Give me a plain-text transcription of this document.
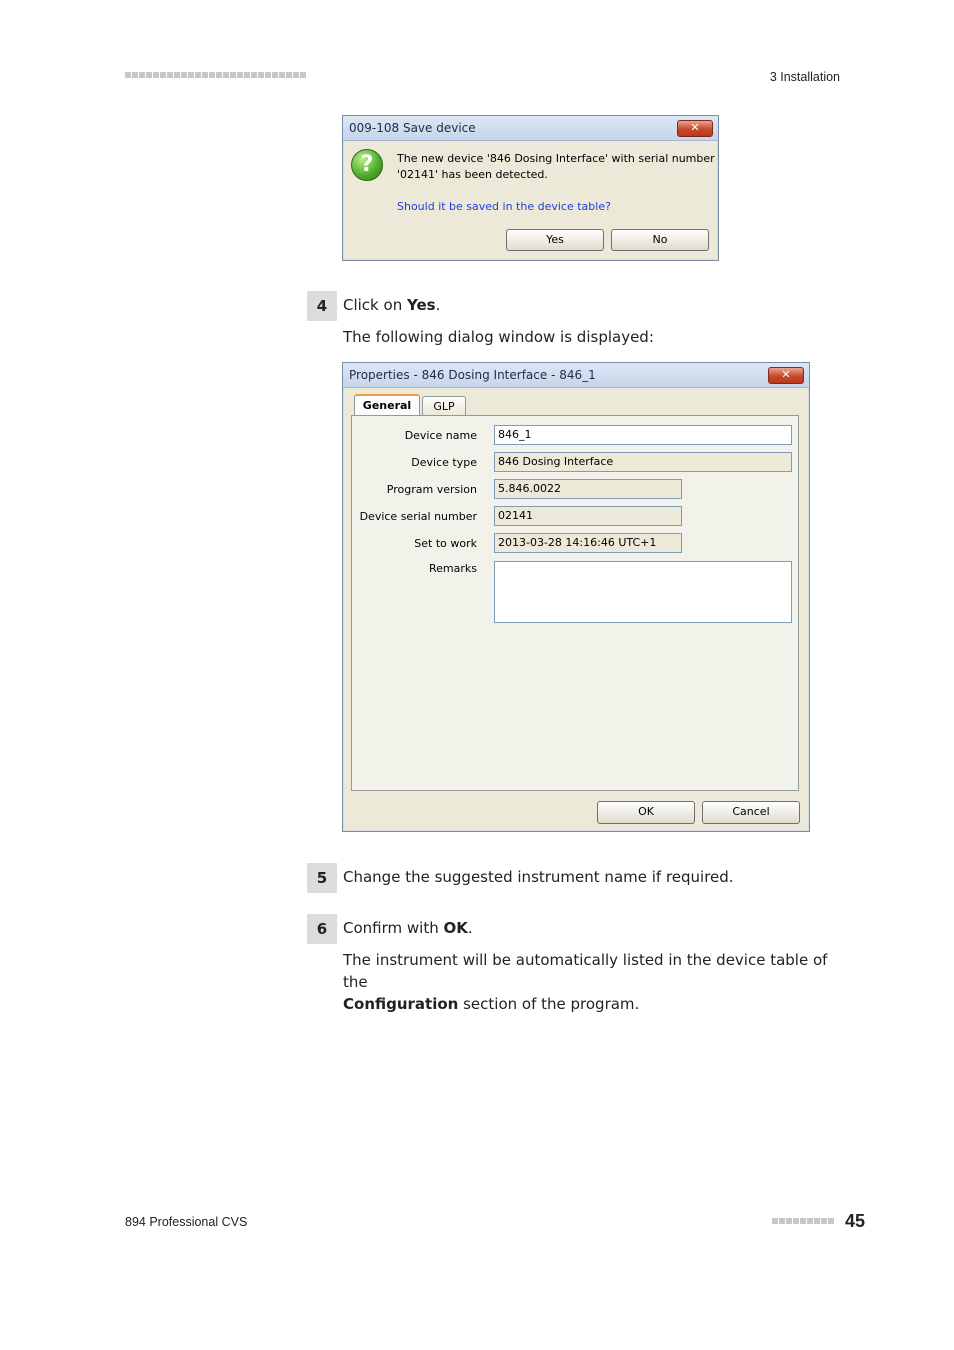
3 Installation
009-108 Save device	✕
?	The new device '846 Dosing Interface' with serial number
'02141' has been detected.
Should it be saved in the device table?
Yes	No
4	Click on Yes.
The following dialog window is displayed:
Properties - 846 Dosing Interface - 846_1	✕
GLP
General
Device name	846_1
Device type	846 Dosing Interface
Program version	5.846.0022
Device serial number	02141
Set to work	2013-03-28 14:16:46 UTC+1
Remarks
OK	Cancel
5	Change the suggested instrument name if required.
6	Confirm with OK.
The instrument will be automatically listed in the device table of the
Configuration section of the program.
894 Professional CVS	45
